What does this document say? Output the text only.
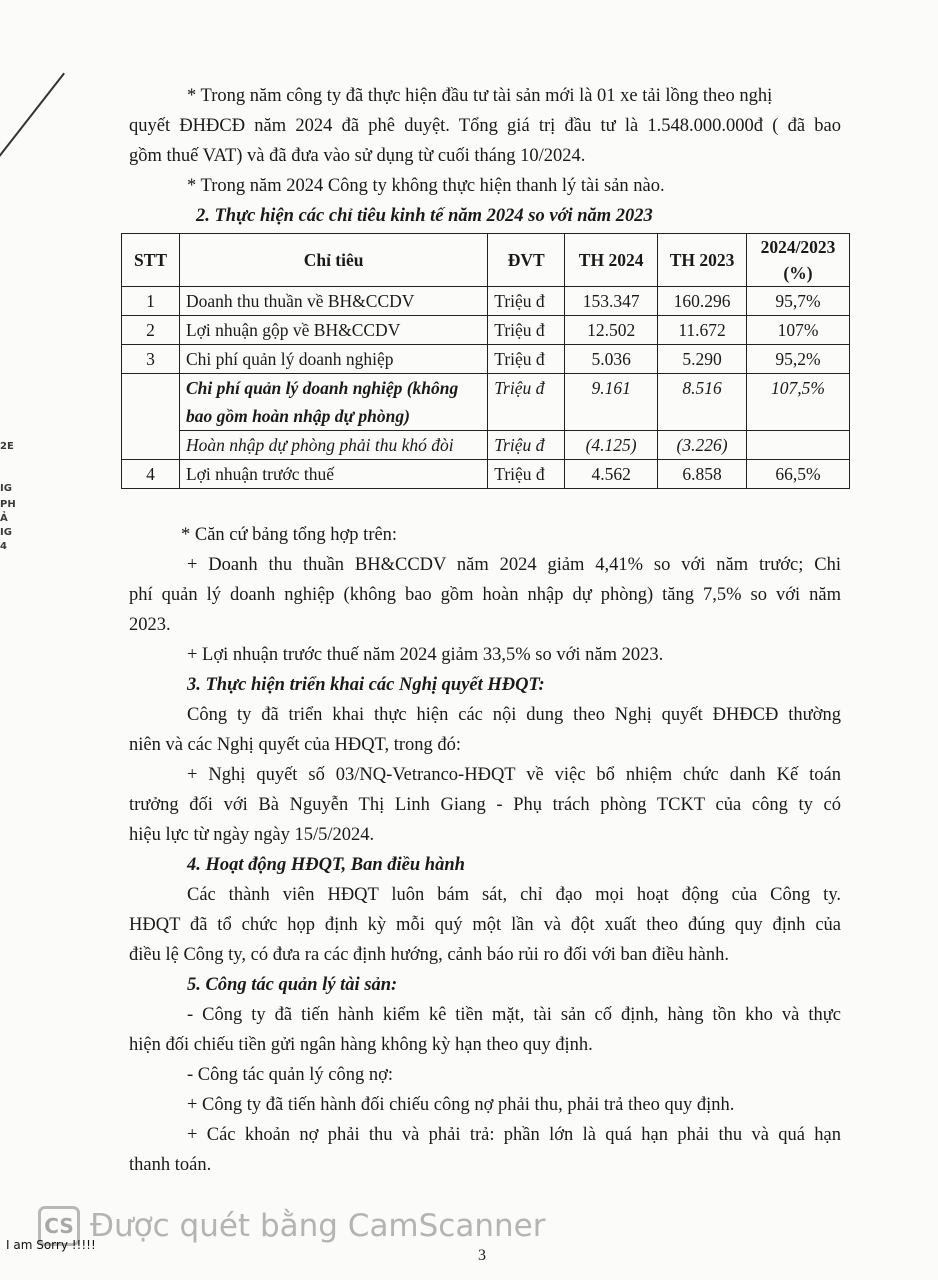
2E
IG
PH
Ả
IG
4
* Trong năm công ty đã thực hiện đầu tư tài sản mới là 01 xe tải lồng theo nghị
quyết ĐHĐCĐ năm 2024 đã phê duyệt. Tổng giá trị đầu tư là 1.548.000.000đ ( đã bao
gồm thuế VAT) và đã đưa vào sử dụng từ cuối tháng 10/2024.
* Trong năm 2024 Công ty không thực hiện thanh lý tài sản nào.
2. Thực hiện các chỉ tiêu kinh tế năm 2024 so với năm 2023
STT	Chỉ tiêu	ĐVT	TH 2024	TH 2023	2024/2023
(%)

1	Doanh thu thuần về BH&CCDV	Triệu đ	153.347	160.296	95,7%
2	Lợi nhuận gộp về BH&CCDV	Triệu đ	12.502	11.672	107%
3	Chi phí quản lý doanh nghiệp	Triệu đ	5.036	5.290	95,2%

	Chi phí quản lý doanh nghiệp (không
bao gồm hoàn nhập dự phòng)	Triệu đ	9.161	8.516	107,5%
	Hoàn nhập dự phòng phải thu khó đòi	Triệu đ	(4.125)	(3.226)	
4	Lợi nhuận trước thuế	Triệu đ	4.562	6.858	66,5%
* Căn cứ bảng tổng hợp trên:
+ Doanh thu thuần BH&CCDV năm 2024 giảm 4,41% so với năm trước; Chi
phí quản lý doanh nghiệp (không bao gồm hoàn nhập dự phòng) tăng 7,5% so với năm
2023.
+ Lợi nhuận trước thuế năm 2024 giảm 33,5% so với năm 2023.
3. Thực hiện triển khai các Nghị quyết HĐQT:
Công ty đã triển khai thực hiện các nội dung theo Nghị quyết ĐHĐCĐ thường
niên và các Nghị quyết của HĐQT, trong đó:
+ Nghị quyết số 03/NQ-Vetranco-HĐQT về việc bổ nhiệm chức danh Kế toán
trưởng đối với Bà Nguyễn Thị Linh Giang - Phụ trách phòng TCKT của công ty có
hiệu lực từ ngày ngày 15/5/2024.
4. Hoạt động HĐQT, Ban điều hành
Các thành viên HĐQT luôn bám sát, chỉ đạo mọi hoạt động của Công ty.
HĐQT đã tổ chức họp định kỳ mỗi quý một lần và đột xuất theo đúng quy định của
điều lệ Công ty, có đưa ra các định hướng, cảnh báo rủi ro đối với ban điều hành.
5. Công tác quản lý tài sản:
- Công ty đã tiến hành kiểm kê tiền mặt, tài sản cố định, hàng tồn kho và thực
hiện đối chiếu tiền gửi ngân hàng không kỳ hạn theo quy định.
- Công tác quản lý công nợ:
+ Công ty đã tiến hành đối chiếu công nợ phải thu, phải trả theo quy định.
+ Các khoản nợ phải thu và phải trả: phần lớn là quá hạn phải thu và quá hạn
thanh toán.
CS Được quét bằng CamScanner
I am Sorry !!!!!
3
